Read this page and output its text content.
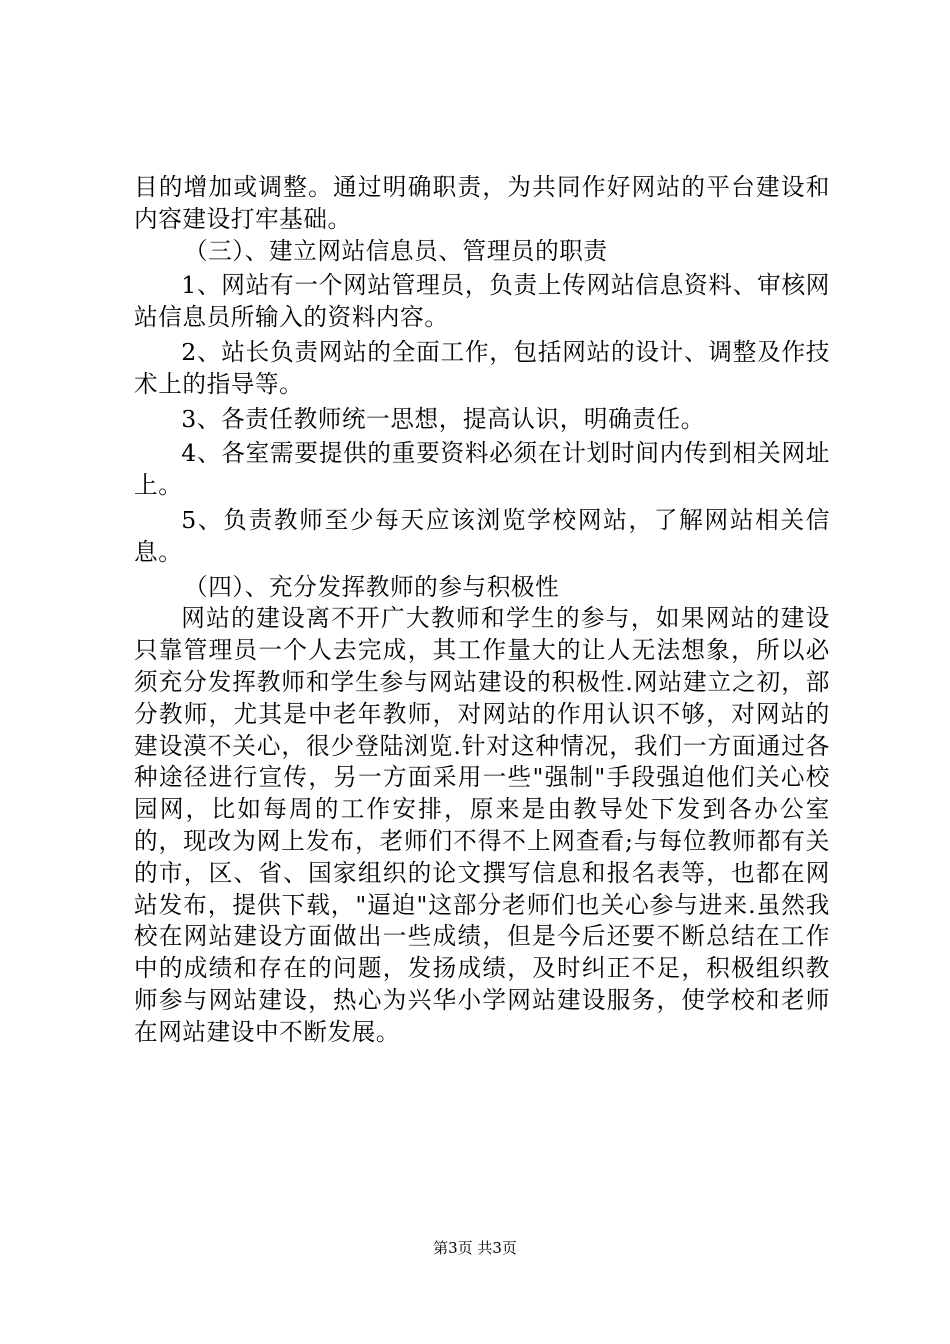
目的增加或调整。通过明确职责，为共同作好网站的平台建设和内容建设打牢基础。

（三）、建立网站信息员、管理员的职责

1、网站有一个网站管理员，负责上传网站信息资料、审核网站信息员所输入的资料内容。

2、站长负责网站的全面工作，包括网站的设计、调整及作技术上的指导等。

3、各责任教师统一思想，提高认识，明确责任。

4、各室需要提供的重要资料必须在计划时间内传到相关网址上。

5、负责教师至少每天应该浏览学校网站，了解网站相关信息。

（四）、充分发挥教师的参与积极性

网站的建设离不开广大教师和学生的参与，如果网站的建设只靠管理员一个人去完成，其工作量大的让人无法想象，所以必须充分发挥教师和学生参与网站建设的积极性.网站建立之初，部分教师，尤其是中老年教师，对网站的作用认识不够，对网站的建设漠不关心，很少登陆浏览.针对这种情况，我们一方面通过各种途径进行宣传，另一方面采用一些"强制"手段强迫他们关心校园网，比如每周的工作安排，原来是由教导处下发到各办公室的，现改为网上发布，老师们不得不上网查看;与每位教师都有关的市，区、省、国家组织的论文撰写信息和报名表等，也都在网站发布，提供下载，"逼迫"这部分老师们也关心参与进来.虽然我校在网站建设方面做出一些成绩，但是今后还要不断总结在工作中的成绩和存在的问题，发扬成绩，及时纠正不足，积极组织教师参与网站建设，热心为兴华小学网站建设服务，使学校和老师在网站建设中不断发展。

第3页 共3页
